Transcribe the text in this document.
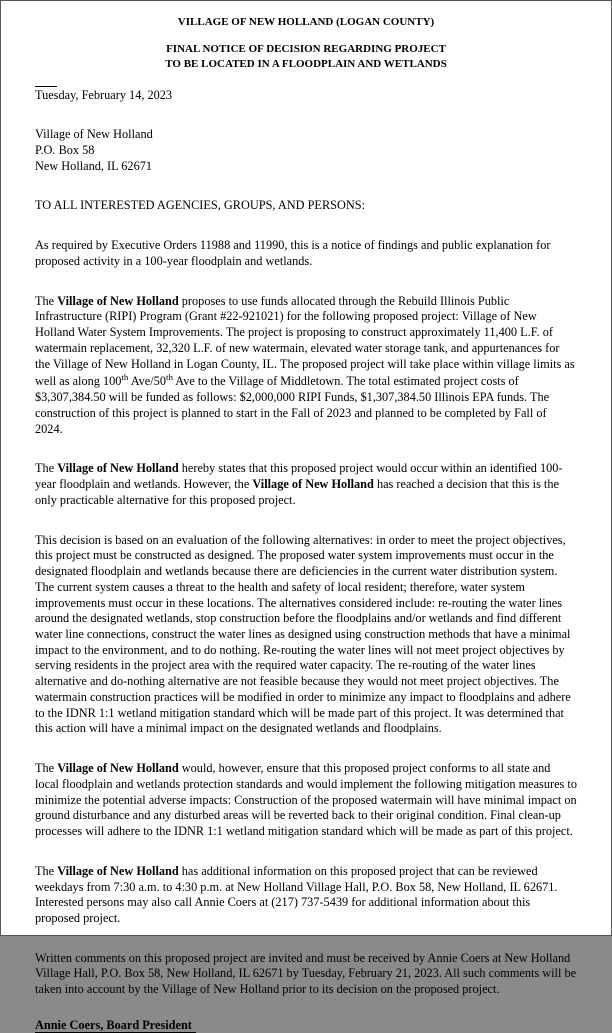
VILLAGE OF NEW HOLLAND (LOGAN COUNTY)
FINAL NOTICE OF DECISION REGARDING PROJECT
TO BE LOCATED IN A FLOODPLAIN AND WETLANDS

Tuesday, February 14, 2023

Village of New Holland
P.O. Box 58
New Holland, IL 62671

TO ALL INTERESTED AGENCIES, GROUPS, AND PERSONS:

As required by Executive Orders 11988 and 11990, this is a notice of findings and public explanation for proposed activity in a 100-year floodplain and wetlands.

The Village of New Holland proposes to use funds allocated through the Rebuild Illinois Public Infrastructure (RIPI) Program (Grant #22-921021) for the following proposed project: Village of New Holland Water System Improvements. The project is proposing to construct approximately 11,400 L.F. of watermain replacement, 32,320 L.F. of new watermain, elevated water storage tank, and appurtenances for the Village of New Holland in Logan County, IL. The proposed project will take place within village limits as well as along 100th Ave/50th Ave to the Village of Middletown. The total estimated project costs of $3,307,384.50 will be funded as follows: $2,000,000 RIPI Funds, $1,307,384.50 Illinois EPA funds. The construction of this project is planned to start in the Fall of 2023 and planned to be completed by Fall of 2024.

The Village of New Holland hereby states that this proposed project would occur within an identified 100-year floodplain and wetlands. However, the Village of New Holland has reached a decision that this is the only practicable alternative for this proposed project.

This decision is based on an evaluation of the following alternatives: in order to meet the project objectives, this project must be constructed as designed. The proposed water system improvements must occur in the designated floodplain and wetlands because there are deficiencies in the current water distribution system. The current system causes a threat to the health and safety of local resident; therefore, water system improvements must occur in these locations. The alternatives considered include: re-routing the water lines around the designated wetlands, stop construction before the floodplains and/or wetlands and find different water line connections, construct the water lines as designed using construction methods that have a minimal impact to the environment, and to do nothing. Re-routing the water lines will not meet project objectives by serving residents in the project area with the required water capacity. The re-routing of the water lines alternative and do-nothing alternative are not feasible because they would not meet project objectives. The watermain construction practices will be modified in order to minimize any impact to floodplains and adhere to the IDNR 1:1 wetland mitigation standard which will be made part of this project. It was determined that this action will have a minimal impact on the designated wetlands and floodplains.

The Village of New Holland would, however, ensure that this proposed project conforms to all state and local floodplain and wetlands protection standards and would implement the following mitigation measures to minimize the potential adverse impacts: Construction of the proposed watermain will have minimal impact on ground disturbance and any disturbed areas will be reverted back to their original condition. Final clean-up processes will adhere to the IDNR 1:1 wetland mitigation standard which will be made as part of this project.

The Village of New Holland has additional information on this proposed project that can be reviewed weekdays from 7:30 a.m. to 4:30 p.m. at New Holland Village Hall, P.O. Box 58, New Holland, IL 62671. Interested persons may also call Annie Coers at (217) 737-5439 for additional information about this proposed project.

Written comments on this proposed project are invited and must be received by Annie Coers at New Holland Village Hall, P.O. Box 58, New Holland, IL 62671 by Tuesday, February 21, 2023. All such comments will be taken into account by the Village of New Holland prior to its decision on the proposed project.

Annie Coers, Board President
